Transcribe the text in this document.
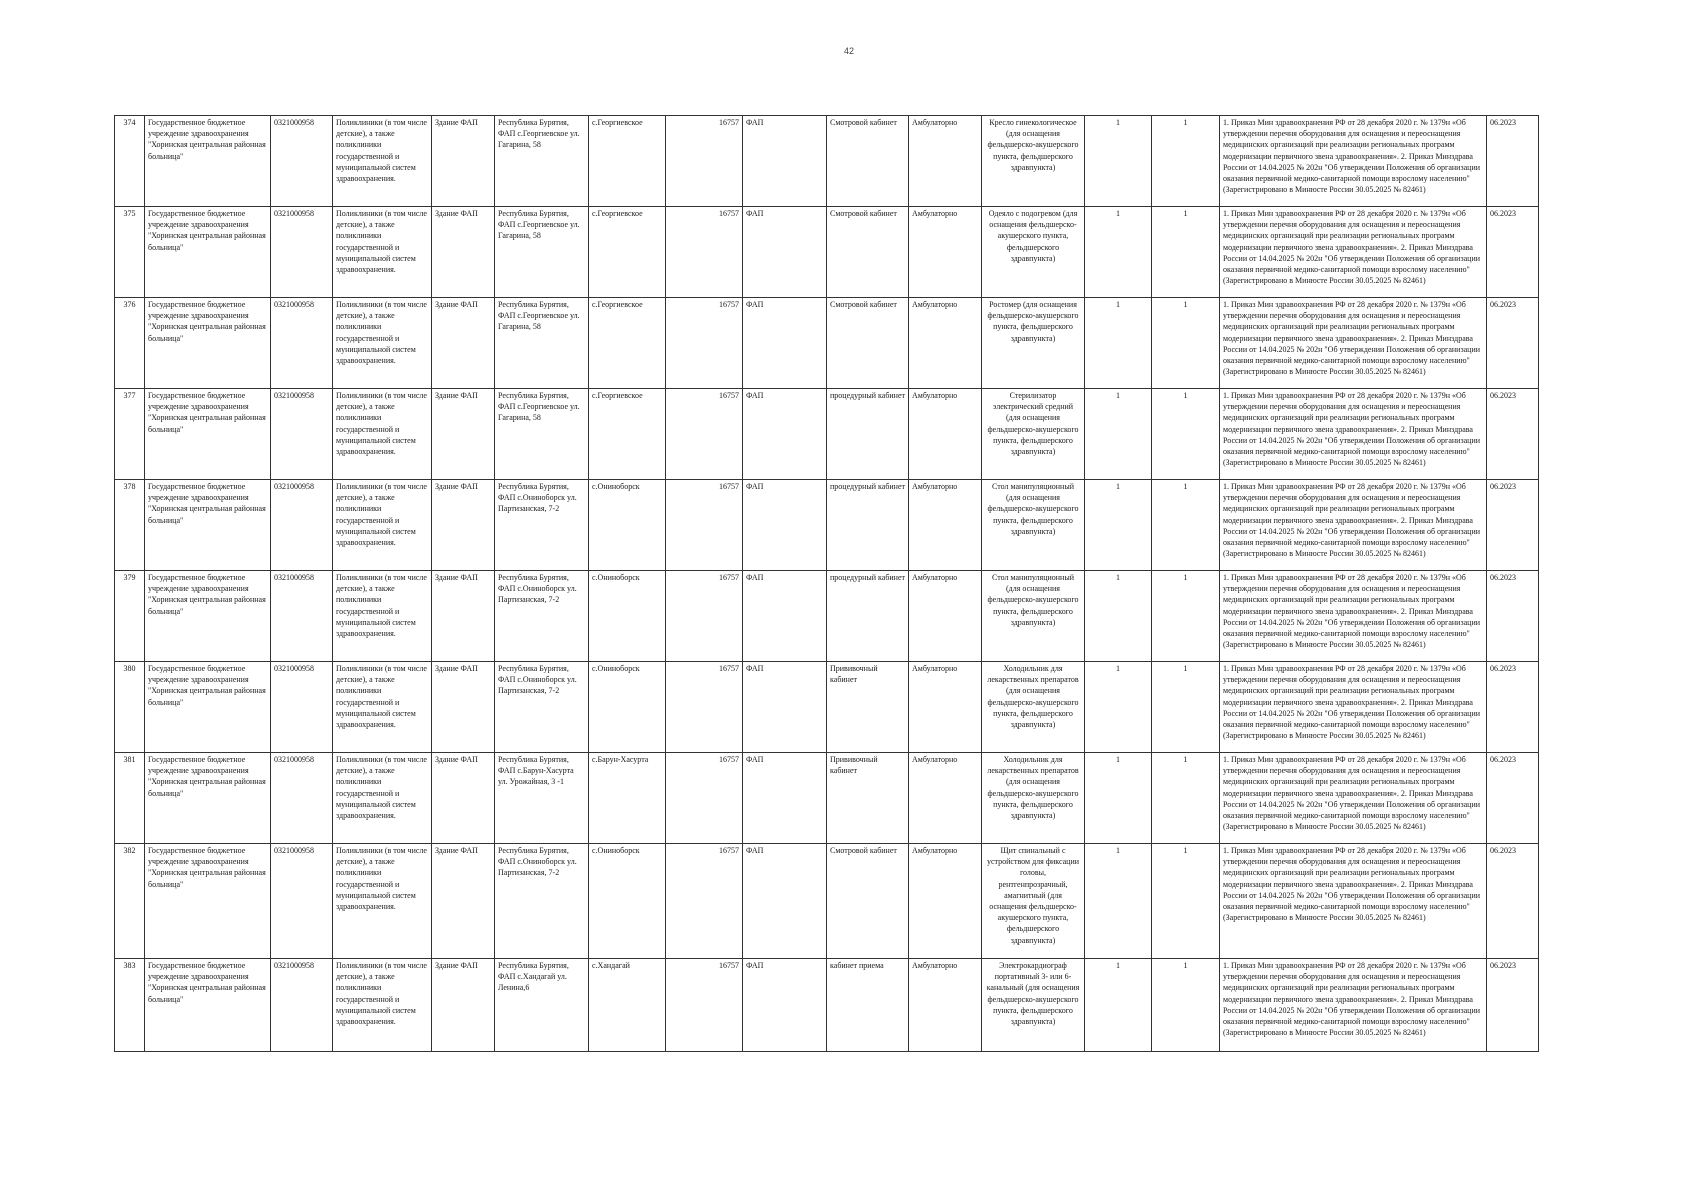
42
374	Государственное бюджетное учреждение здравоохранения "Хоринская центральная районная больница"	0321000958	Поликлиники (в том числе детские), а также поликлиники государственной и муниципальной систем здравоохранения.	Здание ФАП	Республика Бурятия, ФАП с.Георгиевское ул. Гагарина, 58	с.Георгиевское	16757	ФАП	Смотровой кабинет	Амбулаторно	Кресло гинекологическое (для оснащения фельдшерско-акушерского пункта, фельдшерского здравпункта)	1	1	1. Приказ Мин здравоохранения РФ от 28 декабря 2020 г. № 1379н «Об утверждении перечня оборудования для оснащения и переоснащения медицинских организаций при реализации региональных программ модернизации первичного звена здравоохранения». 2. Приказ Минздрава России от 14.04.2025 № 202н "Об утверждении Положения об организации оказания первичной медико-санитарной помощи взрослому населению" (Зарегистрировано в Минюсте России 30.05.2025 № 82461)	06.2023
375	Государственное бюджетное учреждение здравоохранения "Хоринская центральная районная больница"	0321000958	Поликлиники (в том числе детские), а также поликлиники государственной и муниципальной систем здравоохранения.	Здание ФАП	Республика Бурятия, ФАП с.Георгиевское ул. Гагарина, 58	с.Георгиевское	16757	ФАП	Смотровой кабинет	Амбулаторно	Одеяло с подогревом (для оснащения фельдшерско-акушерского пункта, фельдшерского здравпункта)	1	1	1. Приказ Мин здравоохранения РФ от 28 декабря 2020 г. № 1379н «Об утверждении перечня оборудования для оснащения и переоснащения медицинских организаций при реализации региональных программ модернизации первичного звена здравоохранения». 2. Приказ Минздрава России от 14.04.2025 № 202н "Об утверждении Положения об организации оказания первичной медико-санитарной помощи взрослому населению" (Зарегистрировано в Минюсте России 30.05.2025 № 82461)	06.2023
376	Государственное бюджетное учреждение здравоохранения "Хоринская центральная районная больница"	0321000958	Поликлиники (в том числе детские), а также поликлиники государственной и муниципальной систем здравоохранения.	Здание ФАП	Республика Бурятия, ФАП с.Георгиевское ул. Гагарина, 58	с.Георгиевское	16757	ФАП	Смотровой кабинет	Амбулаторно	Ростомер (для оснащения фельдшерско-акушерского пункта, фельдшерского здравпункта)	1	1	1. Приказ Мин здравоохранения РФ от 28 декабря 2020 г. № 1379н «Об утверждении перечня оборудования для оснащения и переоснащения медицинских организаций при реализации региональных программ модернизации первичного звена здравоохранения». 2. Приказ Минздрава России от 14.04.2025 № 202н "Об утверждении Положения об организации оказания первичной медико-санитарной помощи взрослому населению" (Зарегистрировано в Минюсте России 30.05.2025 № 82461)	06.2023
377	Государственное бюджетное учреждение здравоохранения "Хоринская центральная районная больница"	0321000958	Поликлиники (в том числе детские), а также поликлиники государственной и муниципальной систем здравоохранения.	Здание ФАП	Республика Бурятия, ФАП с.Георгиевское ул. Гагарина, 58	с.Георгиевское	16757	ФАП	процедурный кабинет	Амбулаторно	Стерилизатор электрический средний (для оснащения фельдшерско-акушерского пункта, фельдшерского здравпункта)	1	1	1. Приказ Мин здравоохранения РФ от 28 декабря 2020 г. № 1379н «Об утверждении перечня оборудования для оснащения и переоснащения медицинских организаций при реализации региональных программ модернизации первичного звена здравоохранения». 2. Приказ Минздрава России от 14.04.2025 № 202н "Об утверждении Положения об организации оказания первичной медико-санитарной помощи взрослому населению" (Зарегистрировано в Минюсте России 30.05.2025 № 82461)	06.2023
378	Государственное бюджетное учреждение здравоохранения "Хоринская центральная районная больница"	0321000958	Поликлиники (в том числе детские), а также поликлиники государственной и муниципальной систем здравоохранения.	Здание ФАП	Республика Бурятия, ФАП с.Ониноборск ул. Партизанская, 7-2	с.Ониноборск	16757	ФАП	процедурный кабинет	Амбулаторно	Стол манипуляционный (для оснащения фельдшерско-акушерского пункта, фельдшерского здравпункта)	1	1	1. Приказ Мин здравоохранения РФ от 28 декабря 2020 г. № 1379н «Об утверждении перечня оборудования для оснащения и переоснащения медицинских организаций при реализации региональных программ модернизации первичного звена здравоохранения». 2. Приказ Минздрава России от 14.04.2025 № 202н "Об утверждении Положения об организации оказания первичной медико-санитарной помощи взрослому населению" (Зарегистрировано в Минюсте России 30.05.2025 № 82461)	06.2023
379	Государственное бюджетное учреждение здравоохранения "Хоринская центральная районная больница"	0321000958	Поликлиники (в том числе детские), а также поликлиники государственной и муниципальной систем здравоохранения.	Здание ФАП	Республика Бурятия, ФАП с.Ониноборск ул. Партизанская, 7-2	с.Ониноборск	16757	ФАП	процедурный кабинет	Амбулаторно	Стол манипуляционный (для оснащения фельдшерско-акушерского пункта, фельдшерского здравпункта)	1	1	1. Приказ Мин здравоохранения РФ от 28 декабря 2020 г. № 1379н «Об утверждении перечня оборудования для оснащения и переоснащения медицинских организаций при реализации региональных программ модернизации первичного звена здравоохранения». 2. Приказ Минздрава России от 14.04.2025 № 202н "Об утверждении Положения об организации оказания первичной медико-санитарной помощи взрослому населению" (Зарегистрировано в Минюсте России 30.05.2025 № 82461)	06.2023
380	Государственное бюджетное учреждение здравоохранения "Хоринская центральная районная больница"	0321000958	Поликлиники (в том числе детские), а также поликлиники государственной и муниципальной систем здравоохранения.	Здание ФАП	Республика Бурятия, ФАП с.Ониноборск ул. Партизанская, 7-2	с.Ониноборск	16757	ФАП	Прививочный кабинет	Амбулаторно	Холодильник для лекарственных препаратов (для оснащения фельдшерско-акушерского пункта, фельдшерского здравпункта)	1	1	1. Приказ Мин здравоохранения РФ от 28 декабря 2020 г. № 1379н «Об утверждении перечня оборудования для оснащения и переоснащения медицинских организаций при реализации региональных программ модернизации первичного звена здравоохранения». 2. Приказ Минздрава России от 14.04.2025 № 202н "Об утверждении Положения об организации оказания первичной медико-санитарной помощи взрослому населению" (Зарегистрировано в Минюсте России 30.05.2025 № 82461)	06.2023
381	Государственное бюджетное учреждение здравоохранения "Хоринская центральная районная больница"	0321000958	Поликлиники (в том числе детские), а также поликлиники государственной и муниципальной систем здравоохранения.	Здание ФАП	Республика Бурятия, ФАП с.Барун-Хасурта ул. Урожайная, 3 -1	с.Барун-Хасурта	16757	ФАП	Прививочный кабинет	Амбулаторно	Холодильник для лекарственных препаратов (для оснащения фельдшерско-акушерского пункта, фельдшерского здравпункта)	1	1	1. Приказ Мин здравоохранения РФ от 28 декабря 2020 г. № 1379н «Об утверждении перечня оборудования для оснащения и переоснащения медицинских организаций при реализации региональных программ модернизации первичного звена здравоохранения». 2. Приказ Минздрава России от 14.04.2025 № 202н "Об утверждении Положения об организации оказания первичной медико-санитарной помощи взрослому населению" (Зарегистрировано в Минюсте России 30.05.2025 № 82461)	06.2023
382	Государственное бюджетное учреждение здравоохранения "Хоринская центральная районная больница"	0321000958	Поликлиники (в том числе детские), а также поликлиники государственной и муниципальной систем здравоохранения.	Здание ФАП	Республика Бурятия, ФАП с.Ониноборск ул. Партизанская, 7-2	с.Ониноборск	16757	ФАП	Смотровой кабинет	Амбулаторно	Щит спинальный с устройством для фиксации головы, рентгенпрозрачный, амагнитный (для оснащения фельдшерско-акушерского пункта, фельдшерского здравпункта)	1	1	1. Приказ Мин здравоохранения РФ от 28 декабря 2020 г. № 1379н «Об утверждении перечня оборудования для оснащения и переоснащения медицинских организаций при реализации региональных программ модернизации первичного звена здравоохранения». 2. Приказ Минздрава России от 14.04.2025 № 202н "Об утверждении Положения об организации оказания первичной медико-санитарной помощи взрослому населению" (Зарегистрировано в Минюсте России 30.05.2025 № 82461)	06.2023
383	Государственное бюджетное учреждение здравоохранения "Хоринская центральная районная больница"	0321000958	Поликлиники (в том числе детские), а также поликлиники государственной и муниципальной систем здравоохранения.	Здание ФАП	Республика Бурятия, ФАП с.Хандагай ул. Ленина,6	с.Хандагай	16757	ФАП	кабинет приема	Амбулаторно	Электрокардиограф портативный 3- или 6-канальный (для оснащения фельдшерско-акушерского пункта, фельдшерского здравпункта)	1	1	1. Приказ Мин здравоохранения РФ от 28 декабря 2020 г. № 1379н «Об утверждении перечня оборудования для оснащения и переоснащения медицинских организаций при реализации региональных программ модернизации первичного звена здравоохранения». 2. Приказ Минздрава России от 14.04.2025 № 202н "Об утверждении Положения об организации оказания первичной медико-санитарной помощи взрослому населению" (Зарегистрировано в Минюсте России 30.05.2025 № 82461)	06.2023
